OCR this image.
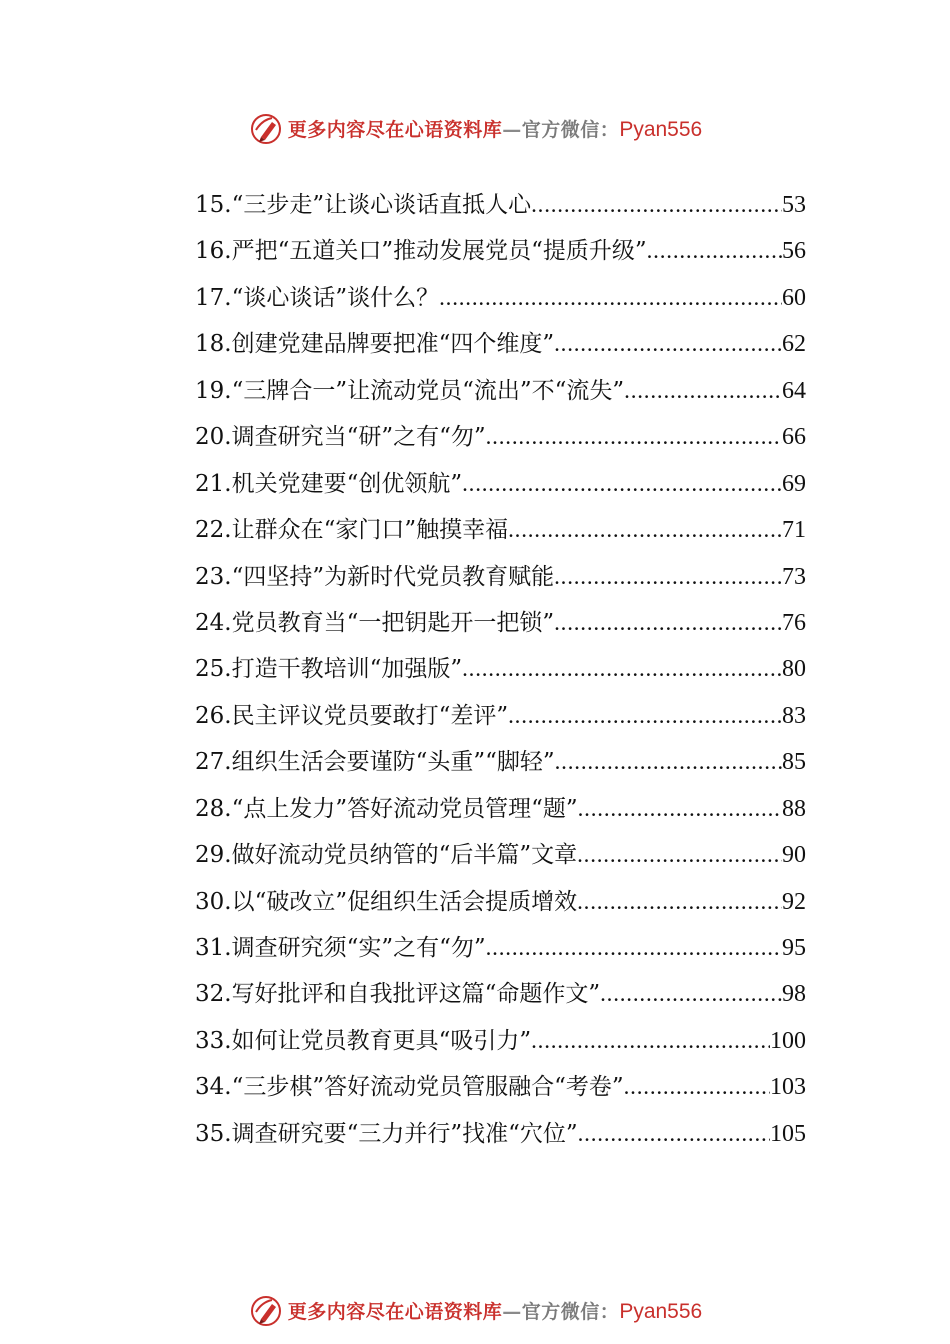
更多内容尽在心语资料库—官方微信：Pyan556
15.“三步走”让谈心谈话直抵人心 .....	53
16.严把“五道关口”推动发展党员“提质升级” .....	56
17.“谈心谈话”谈什么？ .....	60
18.创建党建品牌要把准“四个维度” .....	62
19.“三牌合一”让流动党员“流出”不“流失” .....	64
20.调查研究当“研”之有“勿” .....	66
21.机关党建要“创优领航” .....	69
22.让群众在“家门口”触摸幸福 .....	71
23.“四坚持”为新时代党员教育赋能 .....	73
24.党员教育当“一把钥匙开一把锁” .....	76
25.打造干教培训“加强版” .....	80
26.民主评议党员要敢打“差评” .....	83
27.组织生活会要谨防“头重”“脚轻” .....	85
28.“点上发力”答好流动党员管理“题” .....	88
29.做好流动党员纳管的“后半篇”文章 .....	90
30.以“破改立”促组织生活会提质增效 .....	92
31.调查研究须“实”之有“勿” .....	95
32.写好批评和自我批评这篇“命题作文” .....	98
33.如何让党员教育更具“吸引力” .....	100
34.“三步棋”答好流动党员管服融合“考卷” .....	103
35.调查研究要“三力并行”找准“穴位” .....	105
更多内容尽在心语资料库—官方微信：Pyan556
